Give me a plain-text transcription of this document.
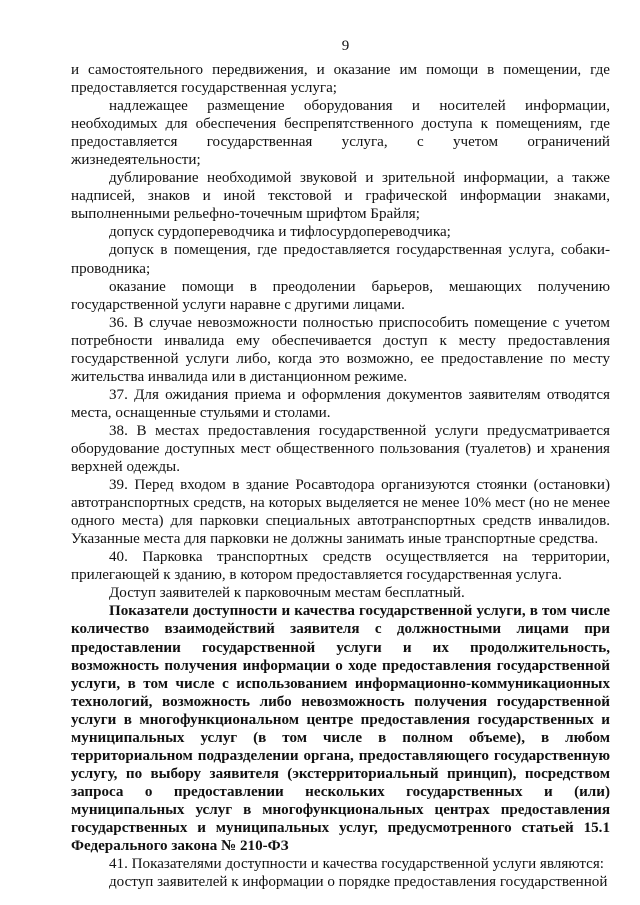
9

и самостоятельного передвижения, и оказание им помощи в помещении, где предоставляется государственная услуга;

надлежащее размещение оборудования и носителей информации, необходимых для обеспечения беспрепятственного доступа к помещениям, где предоставляется государственная услуга, с учетом ограничений жизнедеятельности;

дублирование необходимой звуковой и зрительной информации, а также надписей, знаков и иной текстовой и графической информации знаками, выполненными рельефно-точечным шрифтом Брайля;

допуск сурдопереводчика и тифлосурдопереводчика;

допуск в помещения, где предоставляется государственная услуга, собаки-проводника;

оказание помощи в преодолении барьеров, мешающих получению государственной услуги наравне с другими лицами.

36. В случае невозможности полностью приспособить помещение с учетом потребности инвалида ему обеспечивается доступ к месту предоставления государственной услуги либо, когда это возможно, ее предоставление по месту жительства инвалида или в дистанционном режиме.

37. Для ожидания приема и оформления документов заявителям отводятся места, оснащенные стульями и столами.

38. В местах предоставления государственной услуги предусматривается оборудование доступных мест общественного пользования (туалетов) и хранения верхней одежды.

39. Перед входом в здание Росавтодора организуются стоянки (остановки) автотранспортных средств, на которых выделяется не менее 10% мест (но не менее одного места) для парковки специальных автотранспортных средств инвалидов. Указанные места для парковки не должны занимать иные транспортные средства.

40. Парковка транспортных средств осуществляется на территории, прилегающей к зданию, в котором предоставляется государственная услуга.

Доступ заявителей к парковочным местам бесплатный.

Показатели доступности и качества государственной услуги, в том числе количество взаимодействий заявителя с должностными лицами при предоставлении государственной услуги и их продолжительность, возможность получения информации о ходе предоставления государственной услуги, в том числе с использованием информационно-коммуникационных технологий, возможность либо невозможность получения государственной услуги в многофункциональном центре предоставления государственных и муниципальных услуг (в том числе в полном объеме), в любом территориальном подразделении органа, предоставляющего государственную услугу, по выбору заявителя (экстерриториальный принцип), посредством запроса о предоставлении нескольких государственных и (или) муниципальных услуг в многофункциональных центрах предоставления государственных и муниципальных услуг, предусмотренного статьей 15.1 Федерального закона № 210-ФЗ

41. Показателями доступности и качества государственной услуги являются:

доступ заявителей к информации о порядке предоставления государственной
